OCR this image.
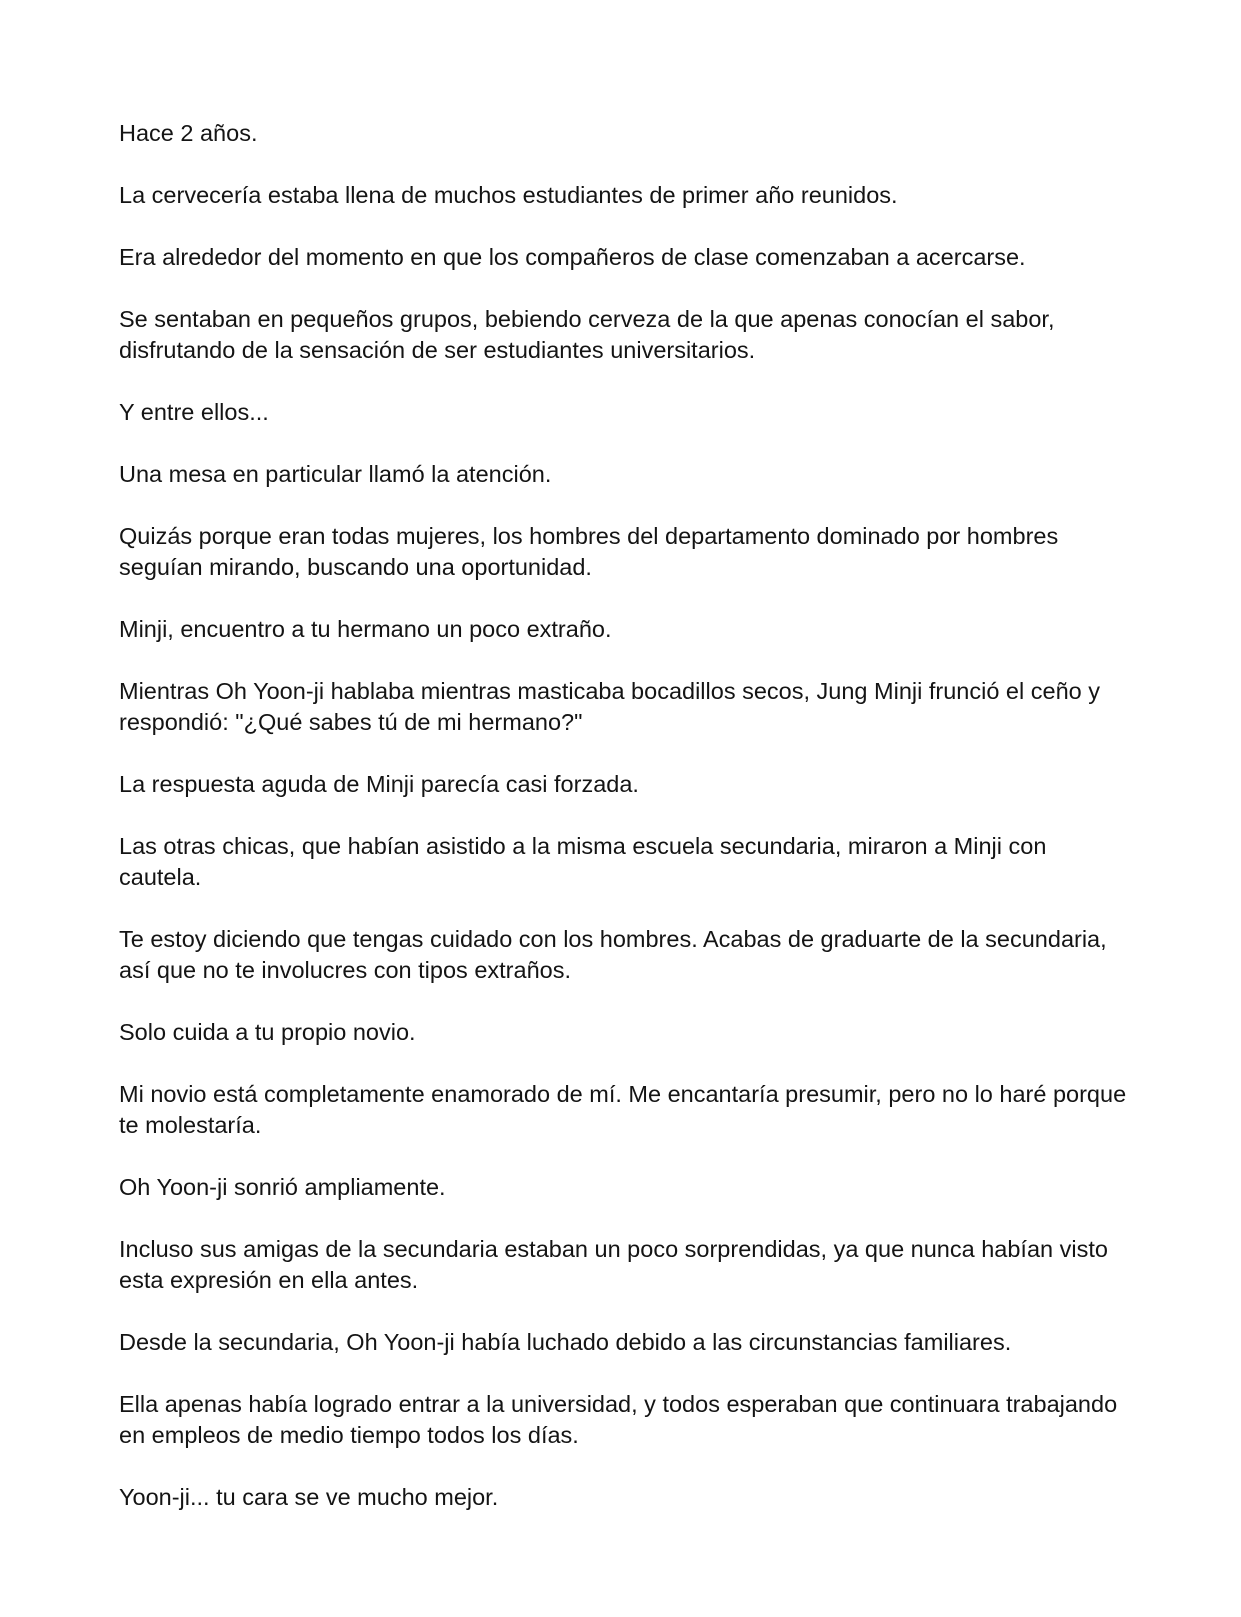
Hace 2 años.

La cervecería estaba llena de muchos estudiantes de primer año reunidos.

Era alrededor del momento en que los compañeros de clase comenzaban a acercarse.

Se sentaban en pequeños grupos, bebiendo cerveza de la que apenas conocían el sabor, disfrutando de la sensación de ser estudiantes universitarios.

Y entre ellos...

Una mesa en particular llamó la atención.

Quizás porque eran todas mujeres, los hombres del departamento dominado por hombres seguían mirando, buscando una oportunidad.

Minji, encuentro a tu hermano un poco extraño.

Mientras Oh Yoon-ji hablaba mientras masticaba bocadillos secos, Jung Minji frunció el ceño y respondió: "¿Qué sabes tú de mi hermano?"

La respuesta aguda de Minji parecía casi forzada.

Las otras chicas, que habían asistido a la misma escuela secundaria, miraron a Minji con cautela.

Te estoy diciendo que tengas cuidado con los hombres. Acabas de graduarte de la secundaria, así que no te involucres con tipos extraños.

Solo cuida a tu propio novio.

Mi novio está completamente enamorado de mí. Me encantaría presumir, pero no lo haré porque te molestaría.

Oh Yoon-ji sonrió ampliamente.

Incluso sus amigas de la secundaria estaban un poco sorprendidas, ya que nunca habían visto esta expresión en ella antes.

Desde la secundaria, Oh Yoon-ji había luchado debido a las circunstancias familiares.

Ella apenas había logrado entrar a la universidad, y todos esperaban que continuara trabajando en empleos de medio tiempo todos los días.

Yoon-ji... tu cara se ve mucho mejor.
